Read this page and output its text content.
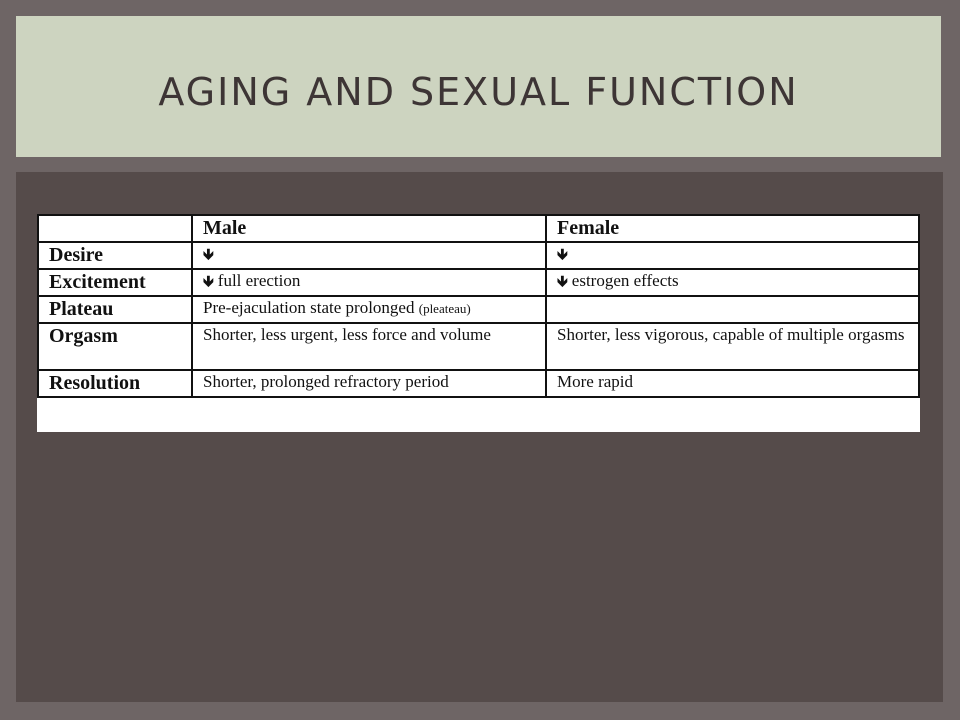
AGING AND SEXUAL FUNCTION
	Male	Female
Desire	🡻	🡻
Excitement	🡻 full erection	🡻 estrogen effects
Plateau	Pre-ejaculation state prolonged (pleateau)	
Orgasm	Shorter, less urgent, less force and volume	Shorter, less vigorous, capable of multiple orgasms
Resolution	Shorter, prolonged refractory period	More rapid
